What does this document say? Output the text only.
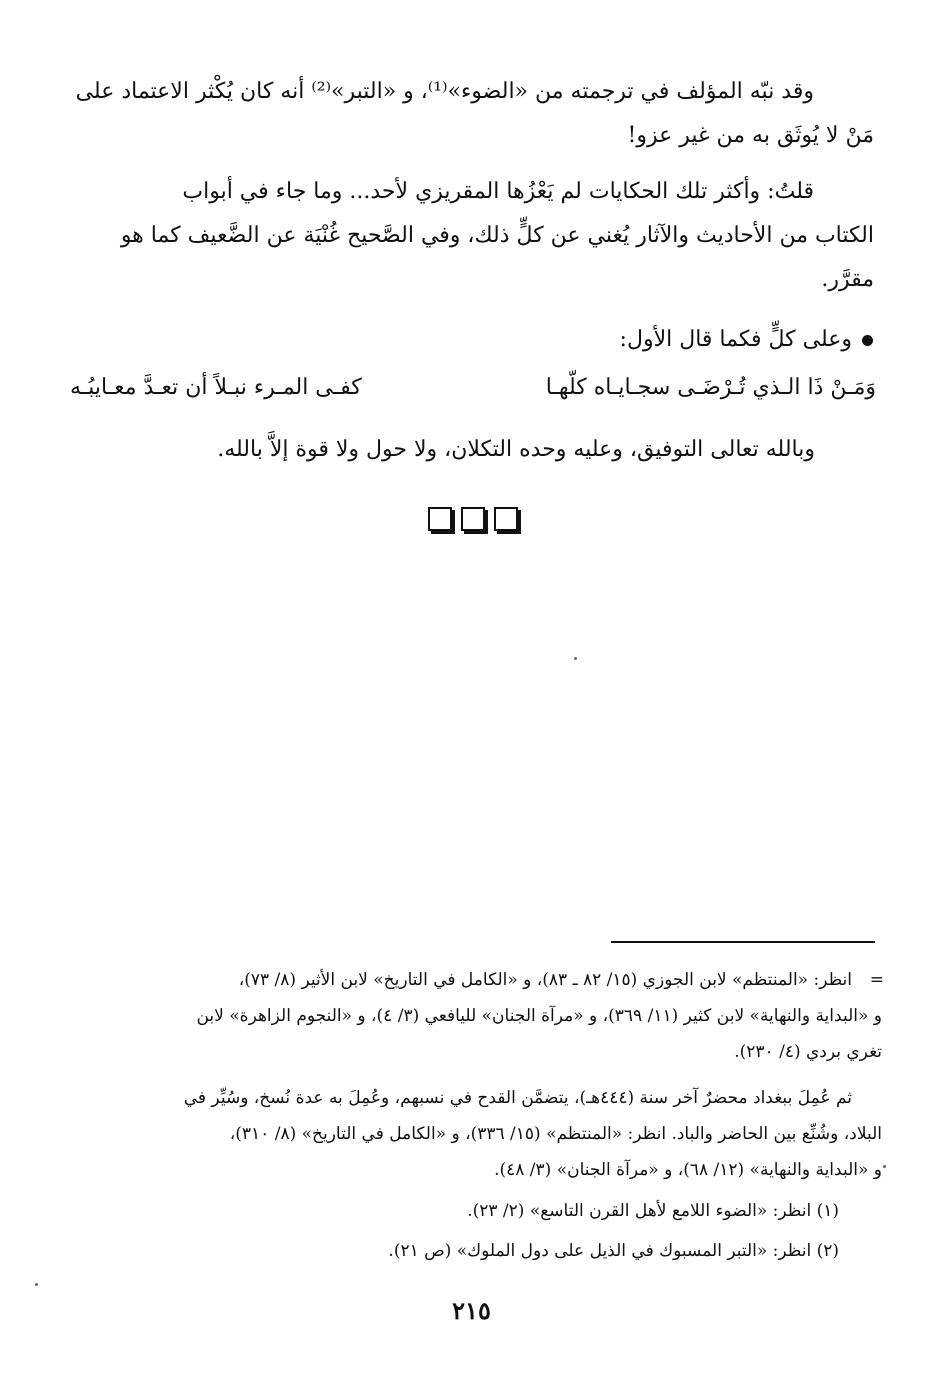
وقد نبّه المؤلف في ترجمته من «الضوء»⁽¹⁾، و «التبر»⁽²⁾ أنه كان يُكْثر الاعتماد على
مَنْ لا يُوثَق به من غير عزو!
قلتُ: وأكثر تلك الحكايات لم يَعْزُها المقريزي لأحد... وما جاء في أبواب
الكتاب من الأحاديث والآثار يُغني عن كلٍّ ذلك، وفي الصَّحيح غُنْيَة عن الضَّعيف كما هو
مقرَّر.
وعلى كلٍّ فكما قال الأول:
وَمَـنْ ذَا الـذي تُـرْضَـى سجـايـاه كلّهـا
كفـى المـرء نبـلاً أن تعـدَّ معـايبُـه
وبالله تعالى التوفيق، وعليه وحده التكلان، ولا حول ولا قوة إلاَّ بالله.
=
انظر: «المنتظم» لابن الجوزي (١٥/ ٨٢ ـ ٨٣)، و «الكامل في التاريخ» لابن الأثير (٨/ ٧٣)،
و «البداية والنهاية» لابن كثير (١١/ ٣٦٩)، و «مرآة الجنان» لليافعي (٣/ ٤)، و «النجوم الزاهرة» لابن
تغري بردي (٤/ ٢٣٠).
ثم عُمِلَ ببغداد محضرٌ آخر سنة (٤٤٤هـ)، يتضمَّن القدح في نسبهم، وعُمِلَ به عدة نُسخ، وسُيِّر في
البلاد، وشُنِّع بين الحاضر والباد. انظر: «المنتظم» (١٥/ ٣٣٦)، و «الكامل في التاريخ» (٨/ ٣١٠)،
و «البداية والنهاية» (١٢/ ٦٨)، و «مرآة الجنان» (٣/ ٤٨).
(١) انظر: «الضوء اللامع لأهل القرن التاسع» (٢/ ٢٣).
(٢) انظر: «التبر المسبوك في الذيل على دول الملوك» (ص ٢١).
٢١٥
